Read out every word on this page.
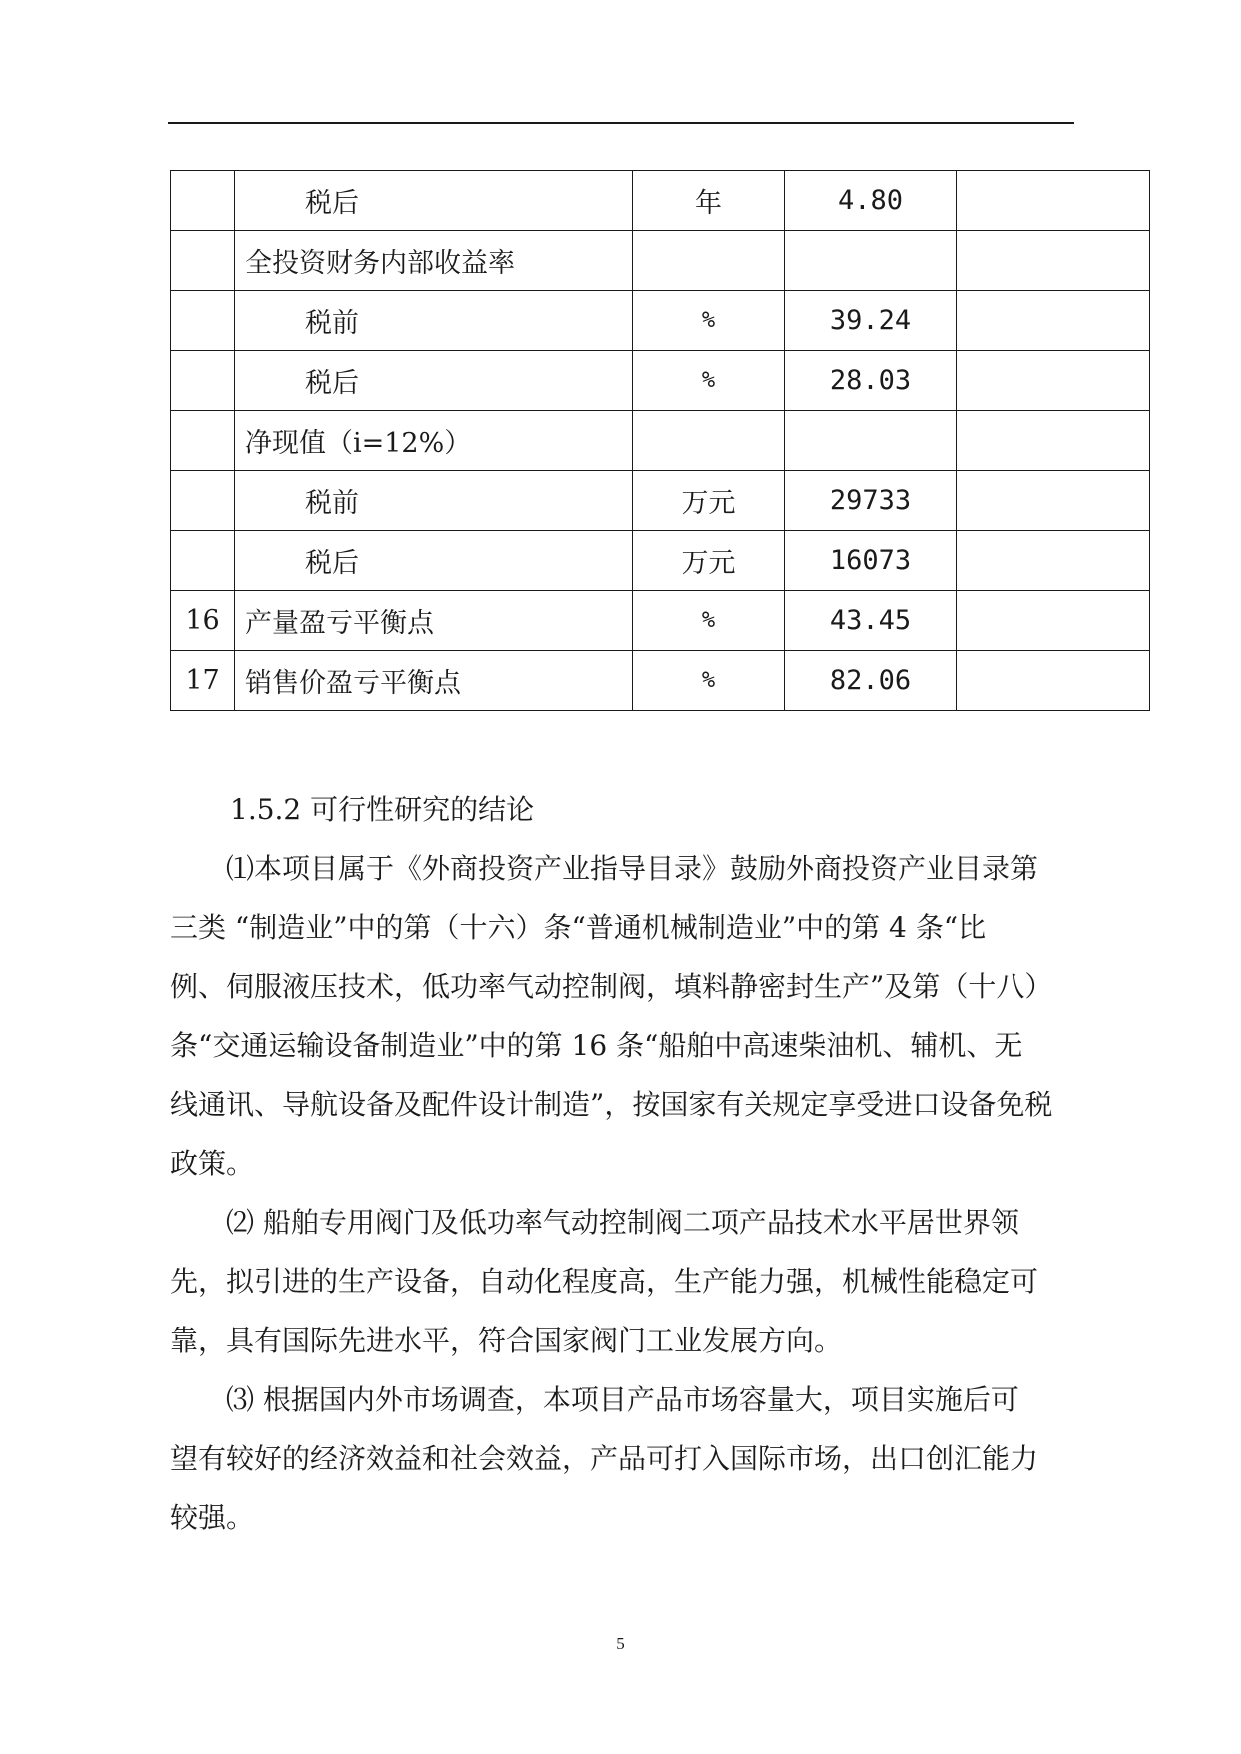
	税后	年	4.80	
	全投资财务内部收益率			
	税前	%	39.24	
	税后	%	28.03	
	净现值（i=12%）			
	税前	万元	29733	
	税后	万元	16073	
16	产量盈亏平衡点	%	43.45	
17	销售价盈亏平衡点	%	82.06	

1.5.2 可行性研究的结论

⑴本项目属于《外商投资产业指导目录》鼓励外商投资产业目录第

三类 “制造业”中的第（十六）条“普通机械制造业”中的第 4 条“比

例、伺服液压技术，低功率气动控制阀，填料静密封生产”及第（十八）

条“交通运输设备制造业”中的第 16 条“船舶中高速柴油机、辅机、无

线通讯、导航设备及配件设计制造”，按国家有关规定享受进口设备免税

政策。

⑵ 船舶专用阀门及低功率气动控制阀二项产品技术水平居世界领

先，拟引进的生产设备，自动化程度高，生产能力强，机械性能稳定可

靠，具有国际先进水平，符合国家阀门工业发展方向。

⑶ 根据国内外市场调查，本项目产品市场容量大，项目实施后可

望有较好的经济效益和社会效益，产品可打入国际市场，出口创汇能力

较强。

5
